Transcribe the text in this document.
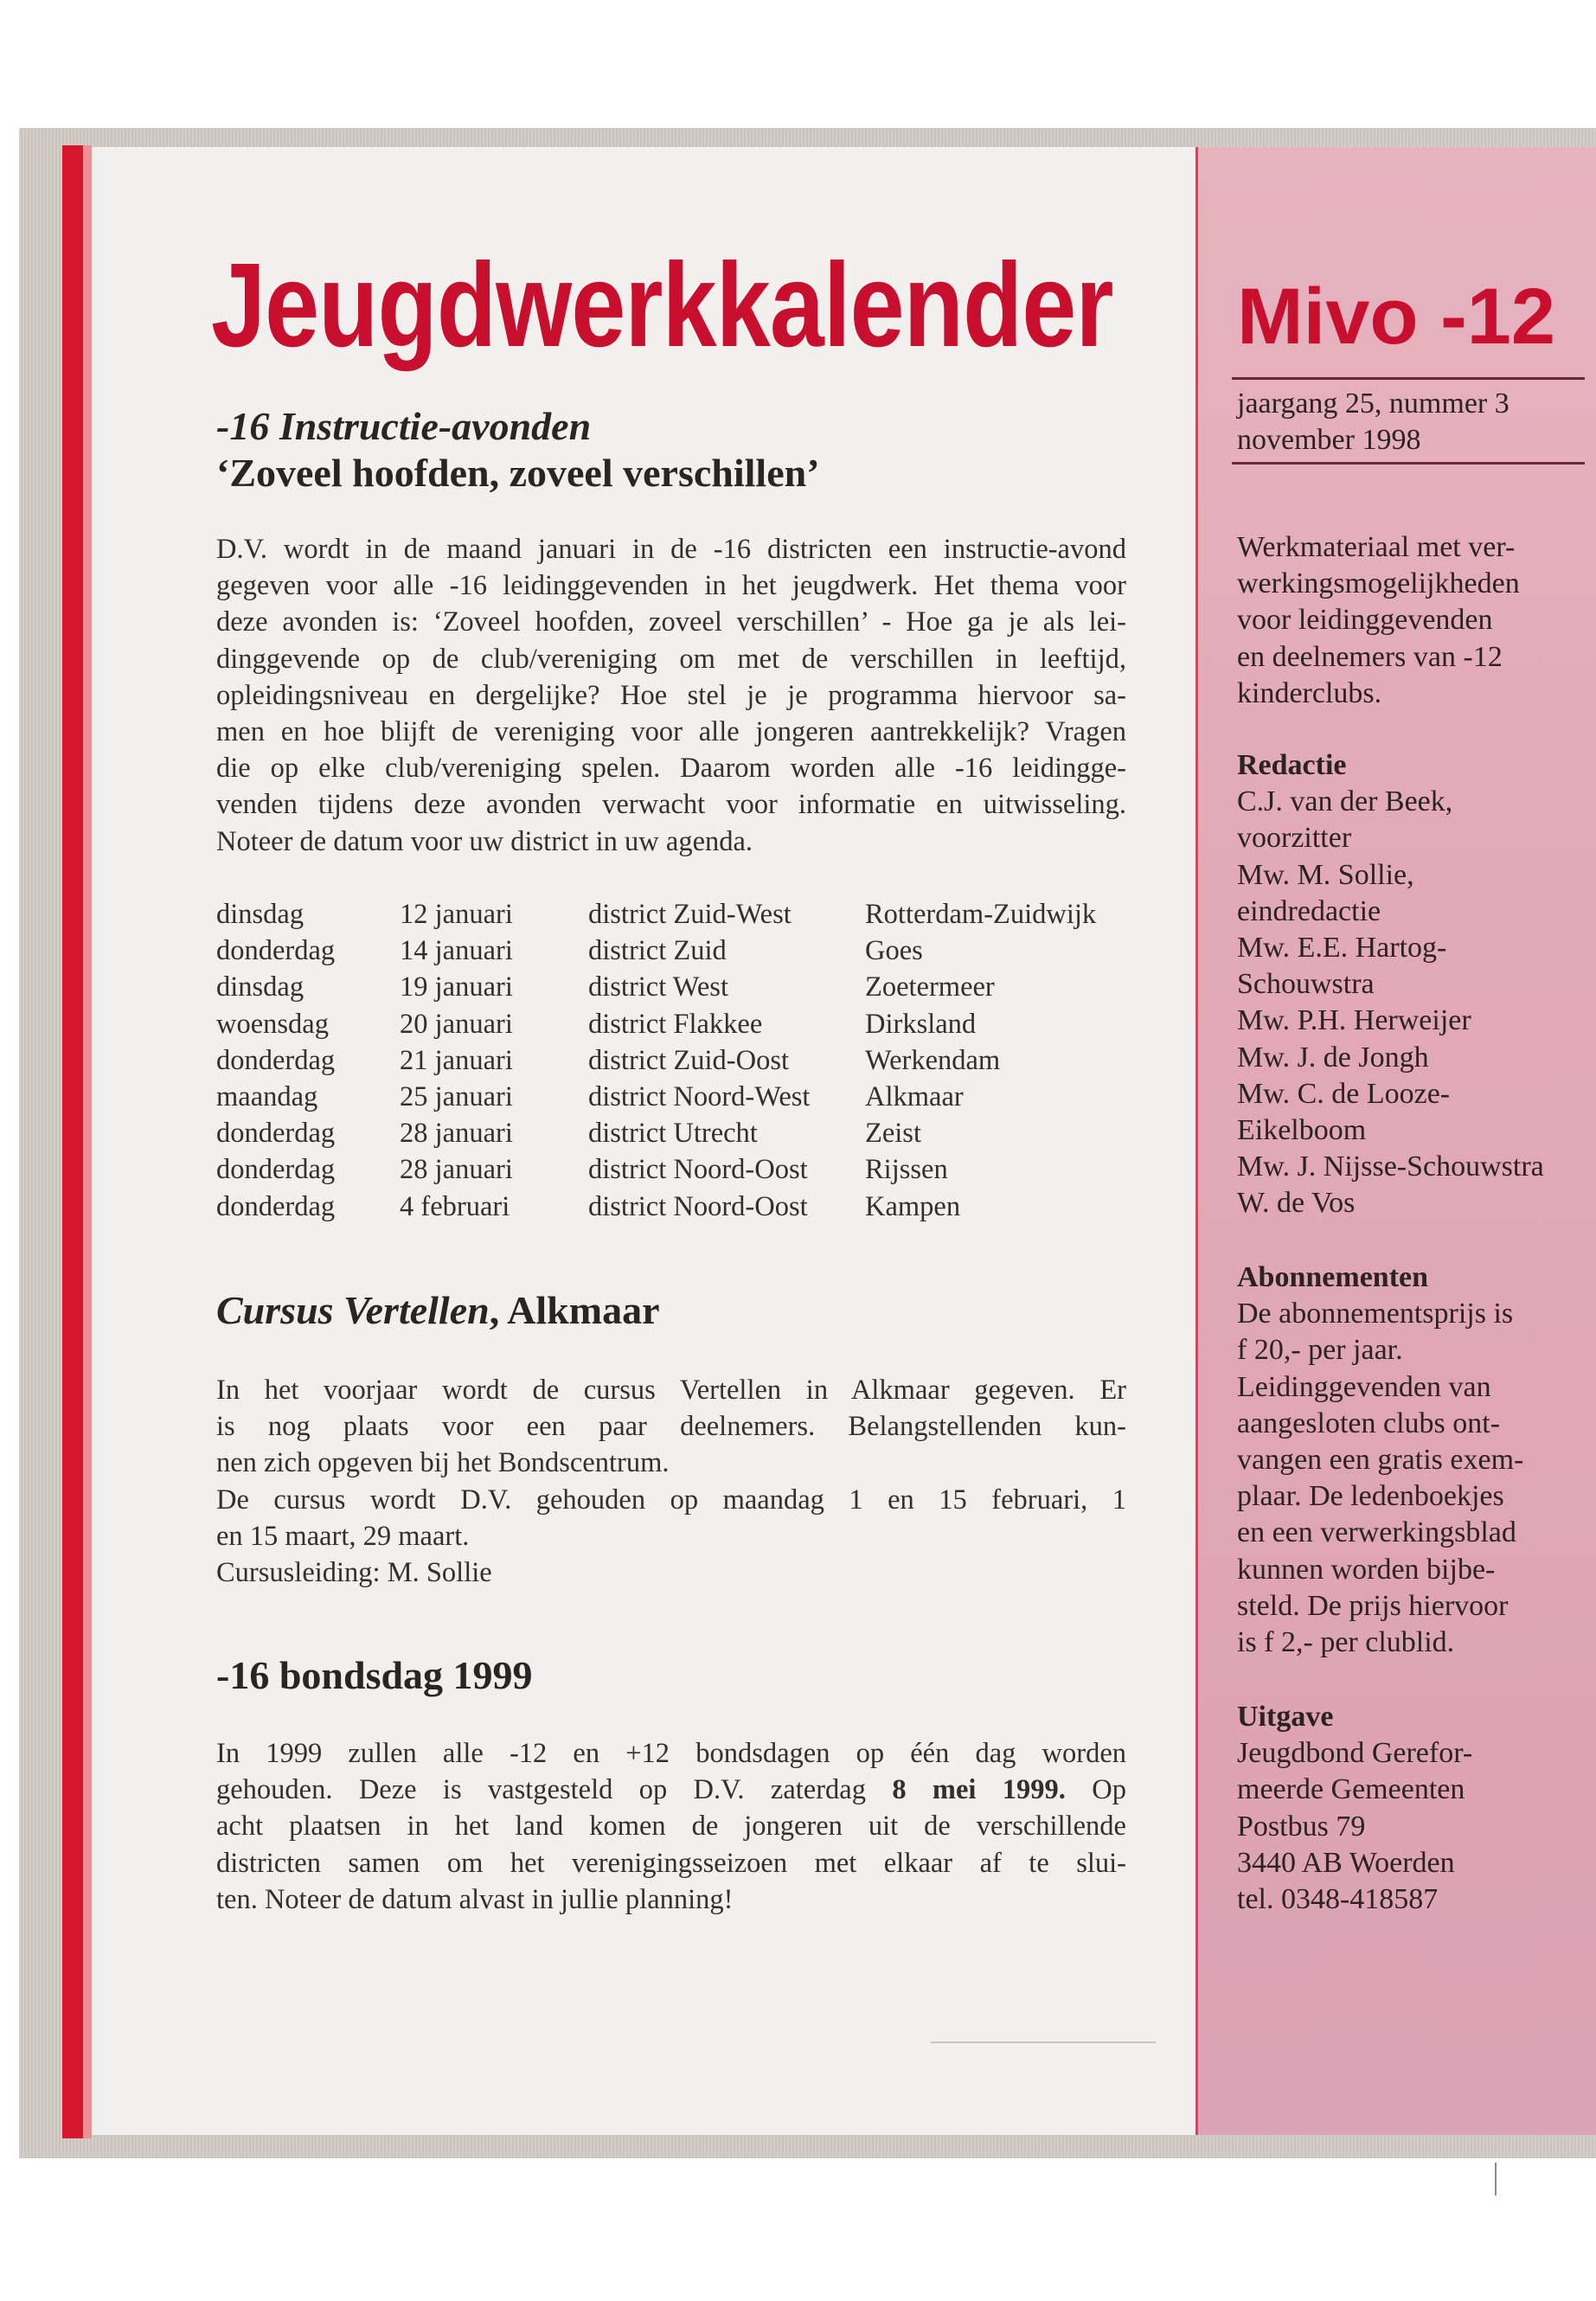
Jeugdwerkkalender
-16 Instructie-avonden
‘Zoveel hoofden, zoveel verschillen’
D.V. wordt in de maand januari in de -16 districten een instructie-avond
gegeven voor alle -16 leidinggevenden in het jeugdwerk. Het thema voor
deze avonden is: ‘Zoveel hoofden, zoveel verschillen’ - Hoe ga je als lei-
dinggevende op de club/vereniging om met de verschillen in leeftijd,
opleidingsniveau en dergelijke? Hoe stel je je programma hiervoor sa-
men en hoe blijft de vereniging voor alle jongeren aantrekkelijk? Vragen
die op elke club/vereniging spelen. Daarom worden alle -16 leidingge-
venden tijdens deze avonden verwacht voor informatie en uitwisseling.
Noteer de datum voor uw district in uw agenda.
dinsdag	12 januari	district Zuid-West	Rotterdam-Zuidwijk
donderdag	14 januari	district Zuid	Goes
dinsdag	19 januari	district West	Zoetermeer
woensdag	20 januari	district Flakkee	Dirksland
donderdag	21 januari	district Zuid-Oost	Werkendam
maandag	25 januari	district Noord-West	Alkmaar
donderdag	28 januari	district Utrecht	Zeist
donderdag	28 januari	district Noord-Oost	Rijssen
donderdag	4 februari	district Noord-Oost	Kampen
Cursus Vertellen, Alkmaar
In het voorjaar wordt de cursus Vertellen in Alkmaar gegeven. Er
is nog plaats voor een paar deelnemers. Belangstellenden kun-
nen zich opgeven bij het Bondscentrum.
De cursus wordt D.V. gehouden op maandag 1 en 15 februari, 1
en 15 maart, 29 maart.
Cursusleiding: M. Sollie
-16 bondsdag 1999
In 1999 zullen alle -12 en +12 bondsdagen op één dag worden
gehouden. Deze is vastgesteld op D.V. zaterdag 8 mei 1999. Op
acht plaatsen in het land komen de jongeren uit de verschillende
districten samen om het verenigingsseizoen met elkaar af te slui-
ten. Noteer de datum alvast in jullie planning!
Mivo -12

jaargang 25, nummer 3
november 1998

Werkmateriaal met ver-
werkingsmogelijkheden
voor leidinggevenden
en deelnemers van -12
kinderclubs.
Redactie
C.J. van der Beek,
voorzitter
Mw. M. Sollie,
eindredactie
Mw. E.E. Hartog-
Schouwstra
Mw. P.H. Herweijer
Mw. J. de Jongh
Mw. C. de Looze-
Eikelboom
Mw. J. Nijsse-Schouwstra
W. de Vos
Abonnementen
De abonnementsprijs is
f 20,- per jaar.
Leidinggevenden van
aangesloten clubs ont-
vangen een gratis exem-
plaar. De ledenboekjes
en een verwerkingsblad
kunnen worden bijbe-
steld. De prijs hiervoor
is f 2,- per clublid.
Uitgave
Jeugdbond Gerefor-
meerde Gemeenten
Postbus 79
3440 AB Woerden
tel. 0348-418587
